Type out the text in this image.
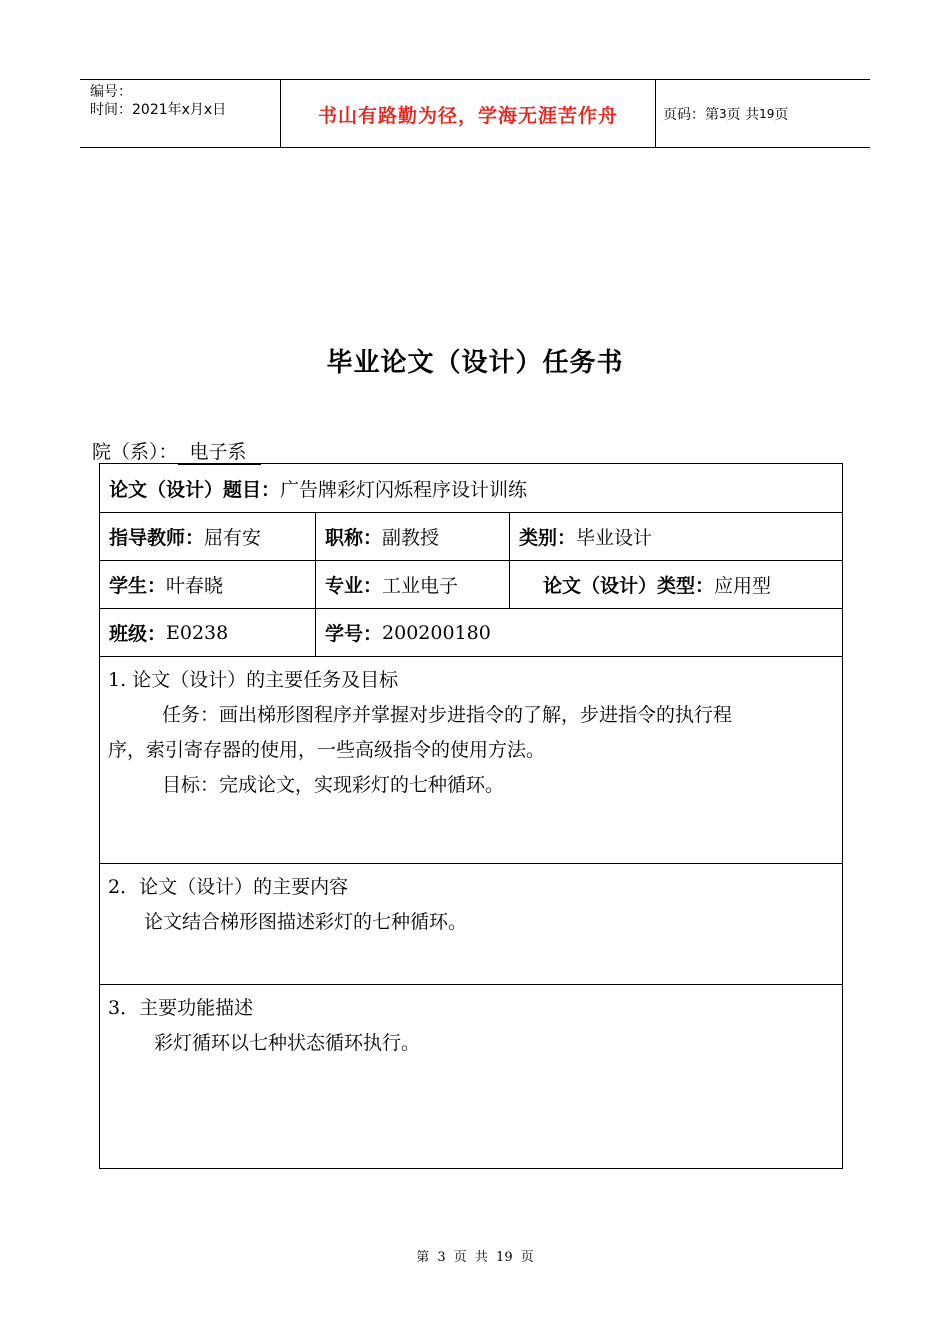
编号：
时间：2021年x月x日	书山有路勤为径，学海无涯苦作舟	页码：第 3 页 共 19 页
毕业论文（设计）任务书
院（系）： 电子系
论文（设计）题目： 广告牌彩灯闪烁程序设计训练
指导教师： 屈有安	职称： 副教授	类别： 毕业设计
学生： 叶春晓	专业： 工业电子	论文（设计）类型： 应用型
班级： E0238	学号： 200200180
1. 论文（设计）的主要任务及目标
任务：画出梯形图程序并掌握对步进指令的了解，步进指令的执行程
序，索引寄存器的使用，一些高级指令的使用方法。
目标：完成论文，实现彩灯的七种循环。
2．论文（设计）的主要内容
论文结合梯形图描述彩灯的七种循环。
3．主要功能描述
彩灯循环以七种状态循环执行。
第 3 页 共 19 页
